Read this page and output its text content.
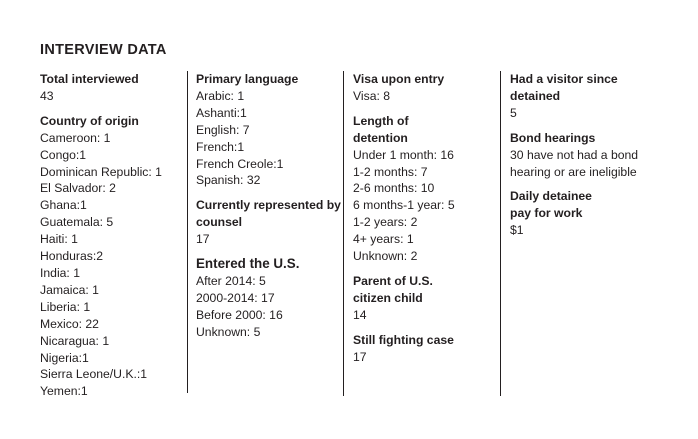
INTERVIEW DATA

Total interviewed

43

Country of origin

Cameroon: 1
Congo:1
Dominican Republic: 1
El Salvador: 2
Ghana:1
Guatemala: 5
Haiti: 1
Honduras:2
India: 1
Jamaica: 1
Liberia: 1
Mexico: 22
Nicaragua: 1
Nigeria:1
Sierra Leone/U.K.:1
Yemen:1

Primary language

Arabic: 1
Ashanti:1
English: 7
French:1
French Creole:1
Spanish: 32

Currently represented by counsel

17

Entered the U.S.

After 2014: 5
2000-2014: 17
Before 2000: 16
Unknown: 5

Visa upon entry

Visa: 8

Length of detention

Under 1 month: 16
1-2 months: 7
2-6 months: 10
6 months-1 year: 5
1-2 years: 2
4+ years: 1
Unknown: 2

Parent of U.S. citizen child

14

Still fighting case

17

Had a visitor since detained

5

Bond hearings

30 have not had a bond hearing or are ineligible

Daily detainee pay for work

$1
